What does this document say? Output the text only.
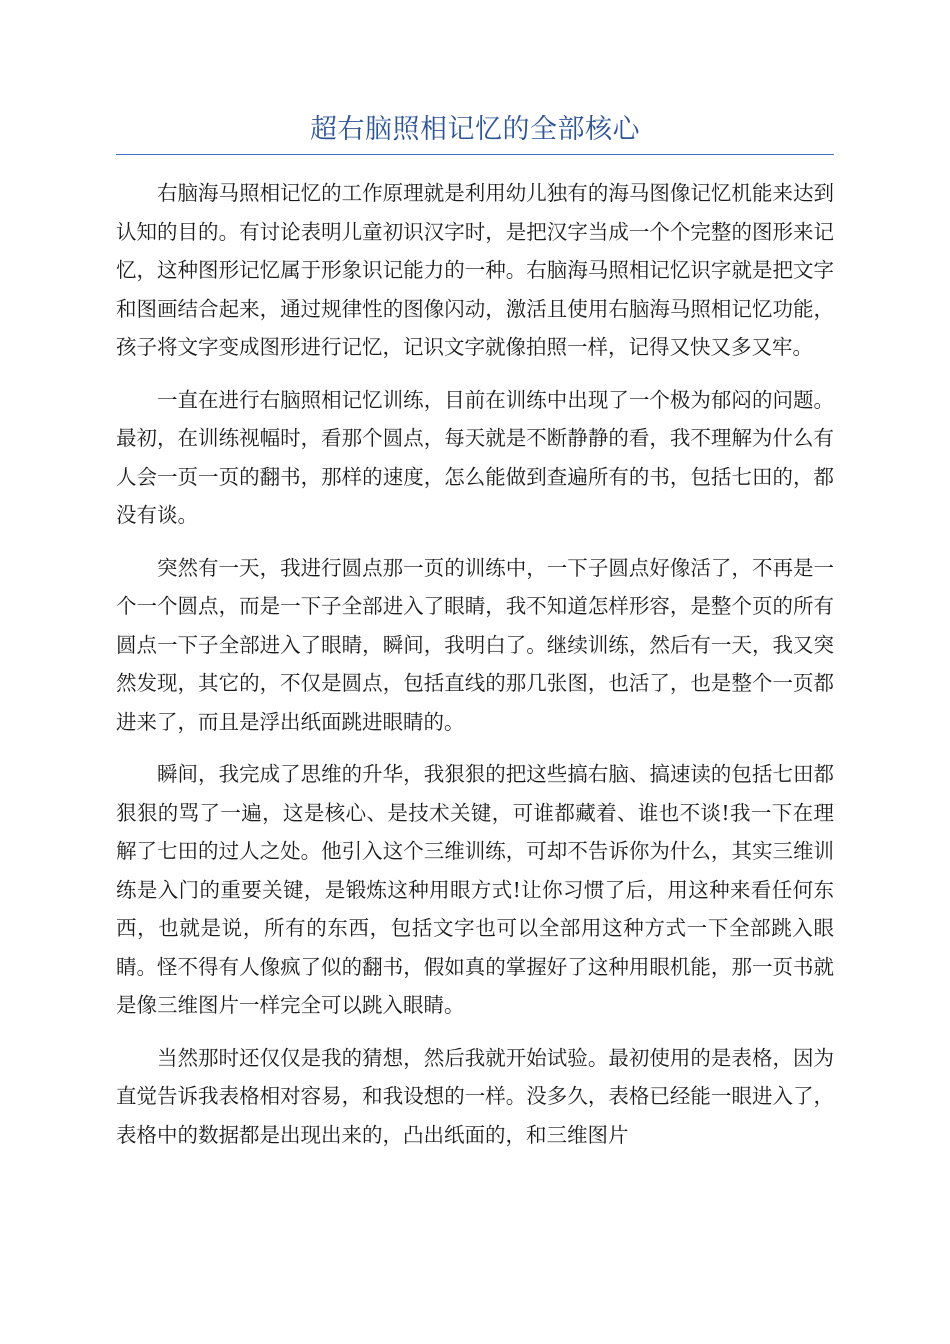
超右脑照相记忆的全部核心

右脑海马照相记忆的工作原理就是利用幼儿独有的海马图像记忆机能来达到认知的目的。有讨论表明儿童初识汉字时，是把汉字当成一个个完整的图形来记忆，这种图形记忆属于形象识记能力的一种。右脑海马照相记忆识字就是把文字和图画结合起来，通过规律性的图像闪动，激活且使用右脑海马照相记忆功能，孩子将文字变成图形进行记忆，记识文字就像拍照一样，记得又快又多又牢。

一直在进行右脑照相记忆训练，目前在训练中出现了一个极为郁闷的问题。最初，在训练视幅时，看那个圆点，每天就是不断静静的看，我不理解为什么有人会一页一页的翻书，那样的速度，怎么能做到查遍所有的书，包括七田的，都没有谈。

突然有一天，我进行圆点那一页的训练中，一下子圆点好像活了，不再是一个一个圆点，而是一下子全部进入了眼睛，我不知道怎样形容，是整个页的所有圆点一下子全部进入了眼睛，瞬间，我明白了。继续训练，然后有一天，我又突然发现，其它的，不仅是圆点，包括直线的那几张图，也活了，也是整个一页都进来了，而且是浮出纸面跳进眼睛的。

瞬间，我完成了思维的升华，我狠狠的把这些搞右脑、搞速读的包括七田都狠狠的骂了一遍，这是核心、是技术关键，可谁都藏着、谁也不谈!我一下在理解了七田的过人之处。他引入这个三维训练，可却不告诉你为什么，其实三维训练是入门的重要关键，是锻炼这种用眼方式!让你习惯了后，用这种来看任何东西，也就是说，所有的东西，包括文字也可以全部用这种方式一下全部跳入眼睛。怪不得有人像疯了似的翻书，假如真的掌握好了这种用眼机能，那一页书就是像三维图片一样完全可以跳入眼睛。

当然那时还仅仅是我的猜想，然后我就开始试验。最初使用的是表格，因为直觉告诉我表格相对容易，和我设想的一样。没多久，表格已经能一眼进入了，表格中的数据都是出现出来的，凸出纸面的，和三维图片
